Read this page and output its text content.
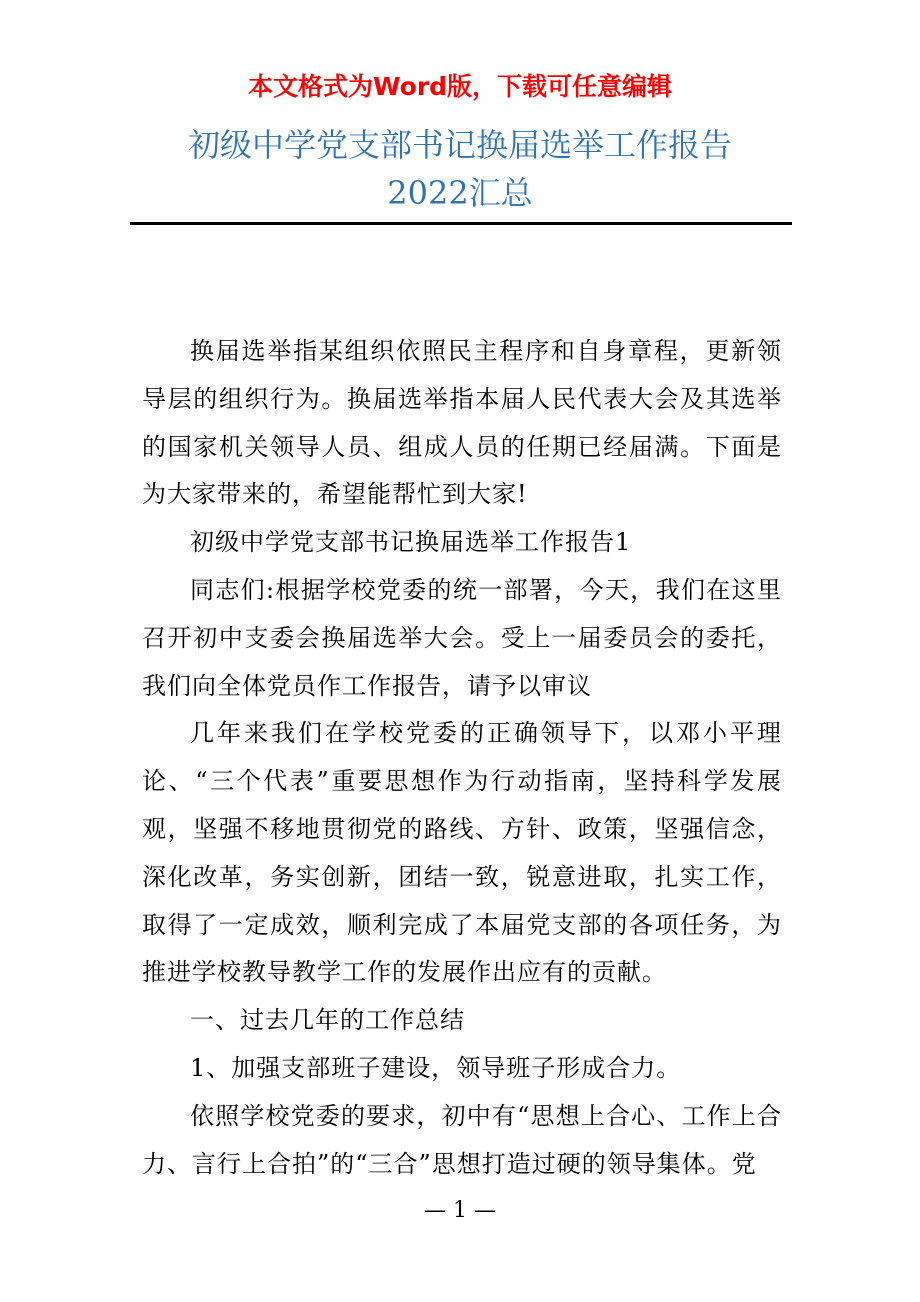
本文格式为Word版，下载可任意编辑
初级中学党支部书记换届选举工作报告
2022汇总

换届选举指某组织依照民主程序和自身章程，更新领导层的组织行为。换届选举指本届人民代表大会及其选举的国家机关领导人员、组成人员的任期已经届满。下面是为大家带来的，希望能帮忙到大家!

初级中学党支部书记换届选举工作报告1

同志们:根据学校党委的统一部署，今天，我们在这里召开初中支委会换届选举大会。受上一届委员会的委托，我们向全体党员作工作报告，请予以审议

几年来我们在学校党委的正确领导下，以邓小平理论、“三个代表”重要思想作为行动指南，坚持科学发展观，坚强不移地贯彻党的路线、方针、政策，坚强信念，深化改革，务实创新，团结一致，锐意进取，扎实工作，取得了一定成效，顺利完成了本届党支部的各项任务，为推进学校教导教学工作的发展作出应有的贡献。

一、过去几年的工作总结

1、加强支部班子建设，领导班子形成合力。

依照学校党委的要求，初中有“思想上合心、工作上合力、言行上合拍”的“三合”思想打造过硬的领导集体。党

— 1 —
